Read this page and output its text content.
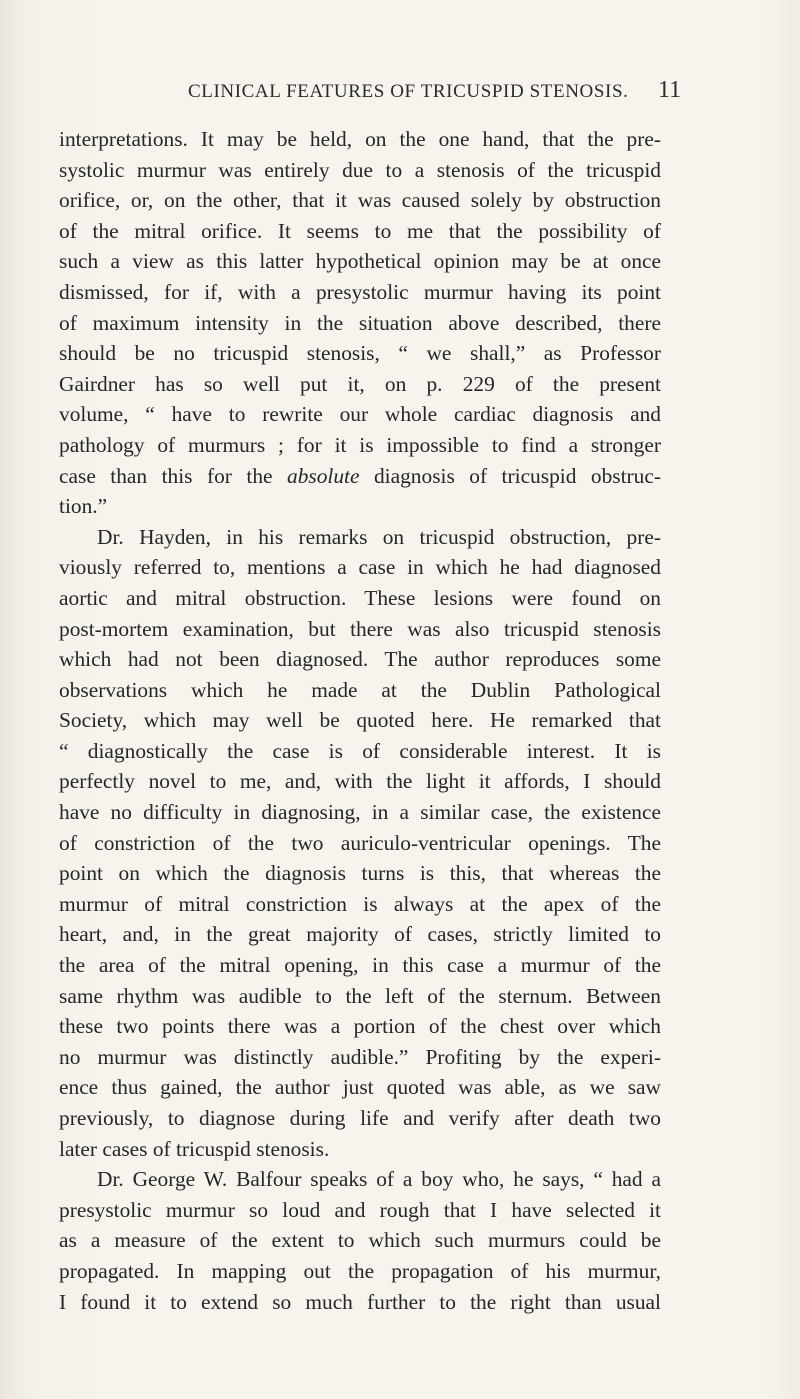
CLINICAL FEATURES OF TRICUSPID STENOSIS. 11
interpretations. It may be held, on the one hand, that the pre-
systolic murmur was entirely due to a stenosis of the tricuspid
orifice, or, on the other, that it was caused solely by obstruction
of the mitral orifice. It seems to me that the possibility of
such a view as this latter hypothetical opinion may be at once
dismissed, for if, with a presystolic murmur having its point
of maximum intensity in the situation above described, there
should be no tricuspid stenosis, “ we shall,” as Professor
Gairdner has so well put it, on p. 229 of the present
volume, “ have to rewrite our whole cardiac diagnosis and
pathology of murmurs ; for it is impossible to find a stronger
case than this for the absolute diagnosis of tricuspid obstruc-
tion.”
Dr. Hayden, in his remarks on tricuspid obstruction, pre-
viously referred to, mentions a case in which he had diagnosed
aortic and mitral obstruction. These lesions were found on
post-mortem examination, but there was also tricuspid stenosis
which had not been diagnosed. The author reproduces some
observations which he made at the Dublin Pathological
Society, which may well be quoted here. He remarked that
“ diagnostically the case is of considerable interest. It is
perfectly novel to me, and, with the light it affords, I should
have no difficulty in diagnosing, in a similar case, the existence
of constriction of the two auriculo-ventricular openings. The
point on which the diagnosis turns is this, that whereas the
murmur of mitral constriction is always at the apex of the
heart, and, in the great majority of cases, strictly limited to
the area of the mitral opening, in this case a murmur of the
same rhythm was audible to the left of the sternum. Between
these two points there was a portion of the chest over which
no murmur was distinctly audible.” Profiting by the experi-
ence thus gained, the author just quoted was able, as we saw
previously, to diagnose during life and verify after death two
later cases of tricuspid stenosis.
Dr. George W. Balfour speaks of a boy who, he says, “ had a
presystolic murmur so loud and rough that I have selected it
as a measure of the extent to which such murmurs could be
propagated. In mapping out the propagation of his murmur,
I found it to extend so much further to the right than usual
